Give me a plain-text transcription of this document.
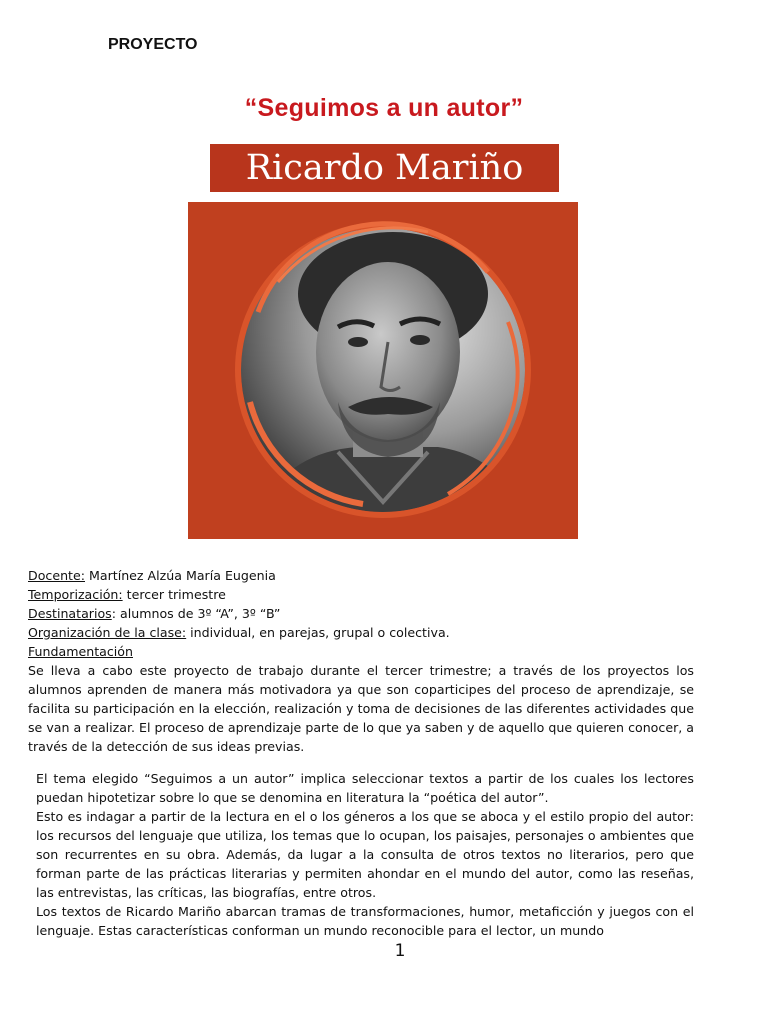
PROYECTO
“Seguimos a un autor”
Ricardo Mariño
Docente: Martínez Alzúa María Eugenia
Temporización: tercer trimestre
Destinatarios: alumnos de 3º “A”, 3º “B”
Organización de la clase: individual, en parejas, grupal o colectiva.
Fundamentación

Se lleva a cabo este proyecto de trabajo durante el tercer trimestre; a través de los proyectos los alumnos aprenden de manera más motivadora ya que son coparticipes del proceso de aprendizaje, se facilita su participación en la elección, realización y toma de decisiones de las diferentes actividades que se van a realizar. El proceso de aprendizaje parte de lo que ya saben y de aquello que quieren conocer, a través de la detección de sus ideas previas.

El tema elegido “Seguimos a un autor” implica seleccionar textos a partir de los cuales los lectores puedan hipotetizar sobre lo que se denomina en literatura la “poética del autor”.

Esto es indagar a partir de la lectura en el o los géneros a los que se aboca y el estilo propio del autor: los recursos del lenguaje que utiliza, los temas que lo ocupan, los paisajes, personajes o ambientes que son recurrentes en su obra. Además, da lugar a la consulta de otros textos no literarios, pero que forman parte de las prácticas literarias y permiten ahondar en el mundo del autor, como las reseñas, las entrevistas, las críticas, las biografías, entre otros.

Los textos de Ricardo Mariño abarcan tramas de transformaciones, humor, metaficción y juegos con el lenguaje. Estas características conforman un mundo reconocible para el lector, un mundo

1
